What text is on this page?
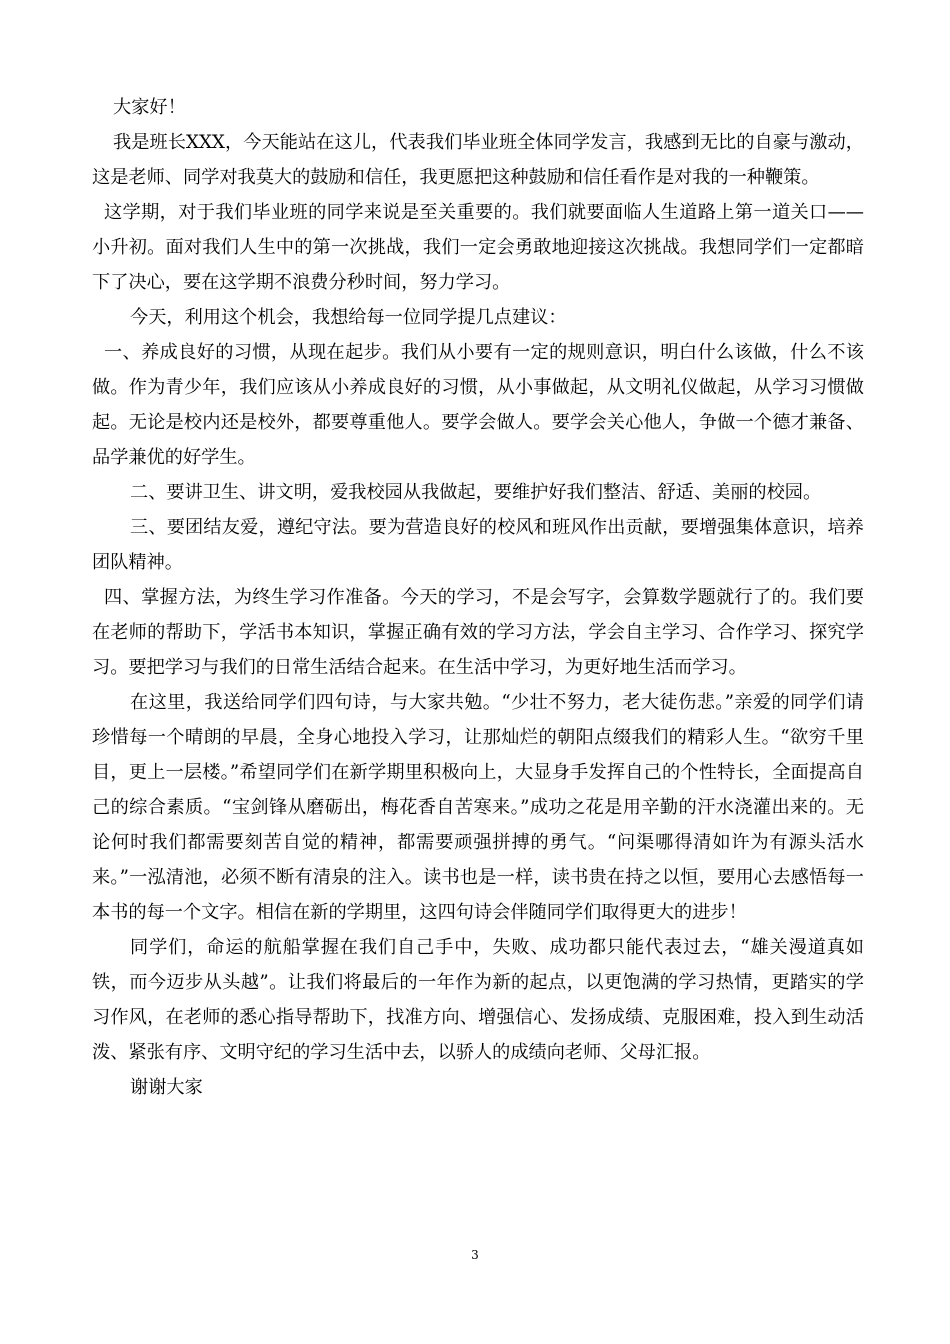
大家好！

我是班长XXX，今天能站在这儿，代表我们毕业班全体同学发言，我感到无比的自豪与激动，这是老师、同学对我莫大的鼓励和信任，我更愿把这种鼓励和信任看作是对我的一种鞭策。

这学期，对于我们毕业班的同学来说是至关重要的。我们就要面临人生道路上第一道关口——小升初。面对我们人生中的第一次挑战，我们一定会勇敢地迎接这次挑战。我想同学们一定都暗下了决心，要在这学期不浪费分秒时间，努力学习。

今天，利用这个机会，我想给每一位同学提几点建议：

一、养成良好的习惯，从现在起步。我们从小要有一定的规则意识，明白什么该做，什么不该做。作为青少年，我们应该从小养成良好的习惯，从小事做起，从文明礼仪做起，从学习习惯做起。无论是校内还是校外，都要尊重他人。要学会做人。要学会关心他人，争做一个德才兼备、品学兼优的好学生。

二、要讲卫生、讲文明，爱我校园从我做起，要维护好我们整洁、舒适、美丽的校园。

三、要团结友爱，遵纪守法。要为营造良好的校风和班风作出贡献，要增强集体意识，培养团队精神。

四、掌握方法，为终生学习作准备。今天的学习，不是会写字，会算数学题就行了的。我们要在老师的帮助下，学活书本知识，掌握正确有效的学习方法，学会自主学习、合作学习、探究学习。要把学习与我们的日常生活结合起来。在生活中学习，为更好地生活而学习。

在这里，我送给同学们四句诗，与大家共勉。“少壮不努力，老大徒伤悲。”亲爱的同学们请珍惜每一个晴朗的早晨，全身心地投入学习，让那灿烂的朝阳点缀我们的精彩人生。“欲穷千里目，更上一层楼。”希望同学们在新学期里积极向上，大显身手发挥自己的个性特长，全面提高自己的综合素质。“宝剑锋从磨砺出，梅花香自苦寒来。”成功之花是用辛勤的汗水浇灌出来的。无论何时我们都需要刻苦自觉的精神，都需要顽强拼搏的勇气。“问渠哪得清如许为有源头活水来。”一泓清池，必须不断有清泉的注入。读书也是一样，读书贵在持之以恒，要用心去感悟每一本书的每一个文字。相信在新的学期里，这四句诗会伴随同学们取得更大的进步！

同学们，命运的航船掌握在我们自己手中，失败、成功都只能代表过去，“雄关漫道真如铁，而今迈步从头越”。让我们将最后的一年作为新的起点，以更饱满的学习热情，更踏实的学习作风，在老师的悉心指导帮助下，找准方向、增强信心、发扬成绩、克服困难，投入到生动活泼、紧张有序、文明守纪的学习生活中去，以骄人的成绩向老师、父母汇报。

谢谢大家

3
